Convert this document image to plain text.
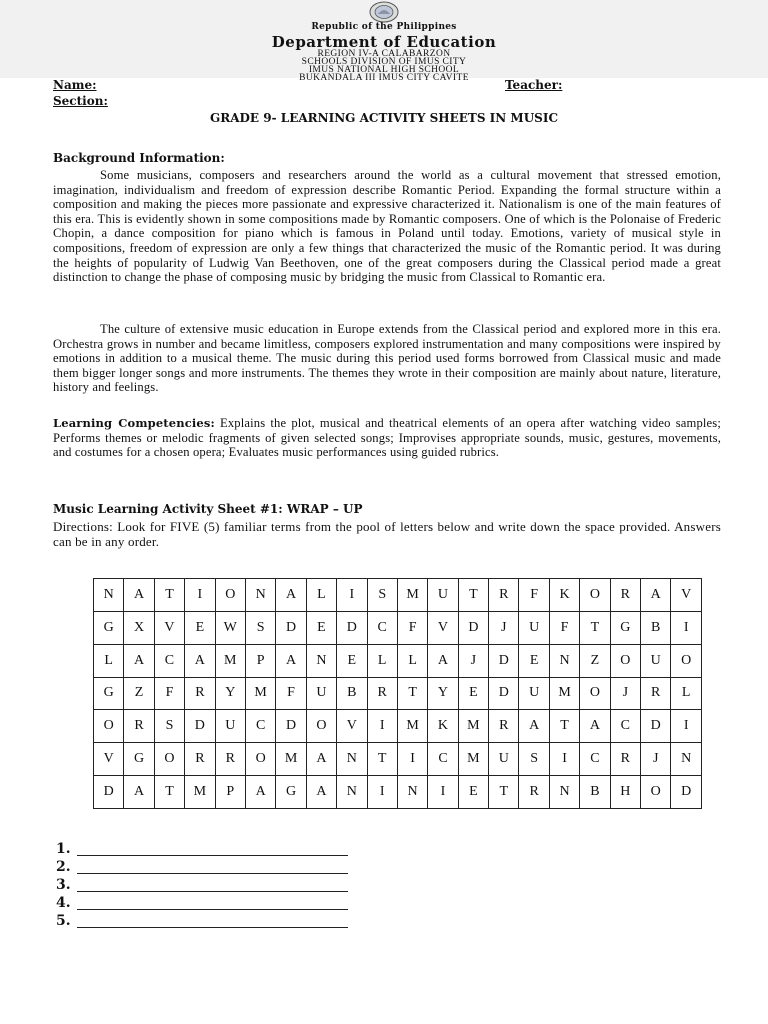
Republic of the Philippines
Department of Education
REGION IV-A CALABARZON
SCHOOLS DIVISION OF IMUS CITY
IMUS NATIONAL HIGH SCHOOL
BUKANDALA III IMUS CITY CAVITE
Name:	Teacher:
Section:
GRADE 9- LEARNING ACTIVITY SHEETS IN MUSIC
Background Information:

Some musicians, composers and researchers around the world as a cultural movement that stressed emotion, imagination, individualism and freedom of expression describe Romantic Period. Expanding the formal structure within a composition and making the pieces more passionate and expressive characterized it. Nationalism is one of the main features of this era. This is evidently shown in some compositions made by Romantic composers. One of which is the Polonaise of Frederic Chopin, a dance composition for piano which is famous in Poland until today. Emotions, variety of musical style in compositions, freedom of expression are only a few things that characterized the music of the Romantic period. It was during the heights of popularity of Ludwig Van Beethoven, one of the great composers during the Classical period made a great distinction to change the phase of composing music by bridging the music from Classical to Romantic era.

The culture of extensive music education in Europe extends from the Classical period and explored more in this era. Orchestra grows in number and became limitless, composers explored instrumentation and many compositions were inspired by emotions in addition to a musical theme. The music during this period used forms borrowed from Classical music and made them bigger longer songs and more instruments. The themes they wrote in their composition are mainly about nature, literature, history and feelings.

Learning Competencies: Explains the plot, musical and theatrical elements of an opera after watching video samples; Performs themes or melodic fragments of given selected songs; Improvises appropriate sounds, music, gestures, movements, and costumes for a chosen opera; Evaluates music performances using guided rubrics.

Music Learning Activity Sheet #1: WRAP – UP

Directions: Look for FIVE (5) familiar terms from the pool of letters below and write down the space provided. Answers can be in any order.

N	A	T	I	O	N	A	L	I	S	M	U	T	R	F	K	O	R	A	V
G	X	V	E	W	S	D	E	D	C	F	V	D	J	U	F	T	G	B	I
L	A	C	A	M	P	A	N	E	L	L	A	J	D	E	N	Z	O	U	O
G	Z	F	R	Y	M	F	U	B	R	T	Y	E	D	U	M	O	J	R	L
O	R	S	D	U	C	D	O	V	I	M	K	M	R	A	T	A	C	D	I
V	G	O	R	R	O	M	A	N	T	I	C	M	U	S	I	C	R	J	N
D	A	T	M	P	A	G	A	N	I	N	I	E	T	R	N	B	H	O	D
1.
2.
3.
4.
5.
